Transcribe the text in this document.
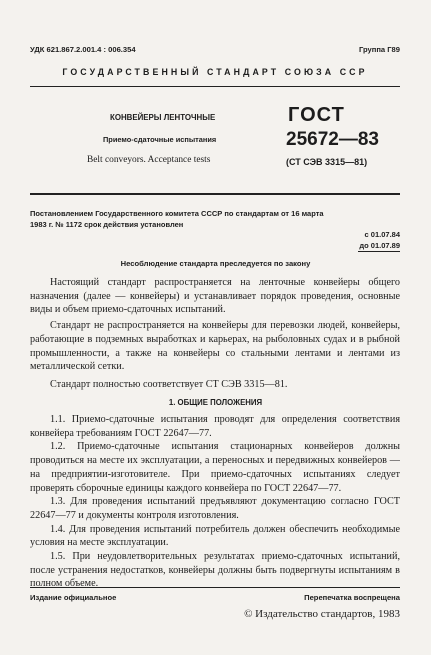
УДК 621.867.2.001.4 : 006.354	Группа Г89
ГОСУДАРСТВЕННЫЙ СТАНДАРТ СОЮЗА ССР
КОНВЕЙЕРЫ ЛЕНТОЧНЫЕ
Приемо-сдаточные испытания
Belt conveyors. Acceptance tests
ГОСТ
25672—83
(СТ СЭВ 3315—81)
Постановлением Государственного комитета СССР по стандартам от 16 марта
1983 г. № 1172 срок действия установлен
с 01.07.84
до 01.07.89
Несоблюдение стандарта преследуется по закону

Настоящий стандарт распространяется на ленточные конвейеры общего назначения (далее — конвейеры) и устанавливает порядок проведения, основные виды и объем приемо-сдаточных испытаний.

Стандарт не распространяется на конвейеры для перевозки людей, конвейеры, работающие в подземных выработках и карьерах, на рыболовных судах и в рыбной промышленности, а также на конвейеры со стальными лентами и лентами из металлической сетки.

Стандарт полностью соответствует СТ СЭВ 3315—81.

1. ОБЩИЕ ПОЛОЖЕНИЯ

1.1. Приемо-сдаточные испытания проводят для определения соответствия конвейера требованиям ГОСТ 22647—77.

1.2. Приемо-сдаточные испытания стационарных конвейеров должны проводиться на месте их эксплуатации, а переносных и передвижных конвейеров — на предприятии-изготовителе. При приемо-сдаточных испытаниях следует проверять сборочные единицы каждого конвейера по ГОСТ 22647—77.

1.3. Для проведения испытаний предъявляют документацию согласно ГОСТ 22647—77 и документы контроля изготовления.

1.4. Для проведения испытаний потребитель должен обеспечить необходимые условия на месте эксплуатации.

1.5. При неудовлетворительных результатах приемо-сдаточных испытаний, после устранения недостатков, конвейеры должны быть подвергнуты испытаниям в полном объеме.

Издание официальное	Перепечатка воспрещена
© Издательство стандартов, 1983
